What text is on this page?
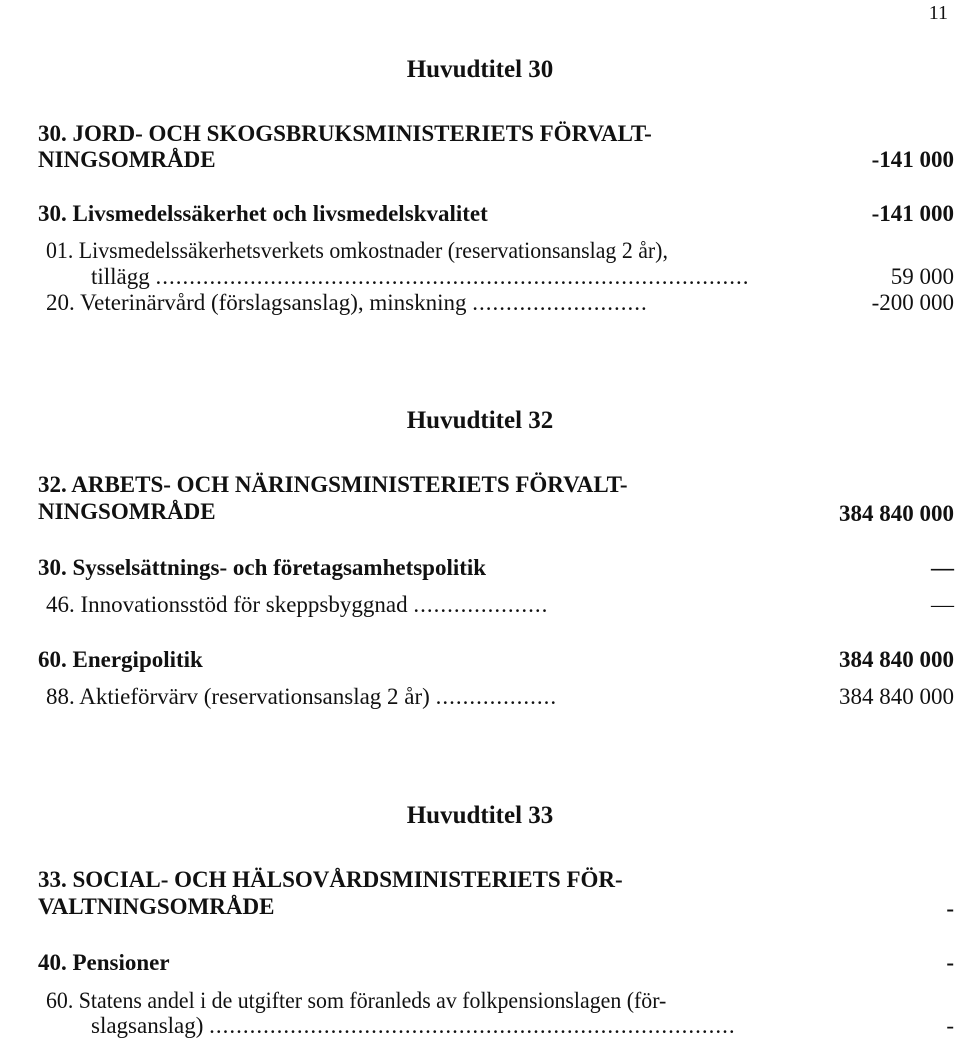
11
Huvudtitel 30
30. JORD- OCH SKOGSBRUKSMINISTERIETS FÖRVALT-
NINGSOMRÅDE	-141 000
30. Livsmedelssäkerhet och livsmedelskvalitet	-141 000
01. Livsmedelssäkerhetsverkets omkostnader (reservationsanslag 2 år),
tillägg ........................................................................................	59 000
20. Veterinärvård (förslagsanslag), minskning ..........................	-200 000
Huvudtitel 32
32. ARBETS- OCH NÄRINGSMINISTERIETS FÖRVALT-
NINGSOMRÅDE	384 840 000
30. Sysselsättnings- och företagsamhetspolitik	—
46. Innovationsstöd för skeppsbyggnad ....................	—
60. Energipolitik	384 840 000
88. Aktieförvärv (reservationsanslag 2 år) ..................	384 840 000
Huvudtitel 33
33. SOCIAL- OCH HÄLSOVÅRDSMINISTERIETS FÖR-
VALTNINGSOMRÅDE	-
40. Pensioner	-
60. Statens andel i de utgifter som föranleds av folkpensionslagen (för-
slagsanslag) ..............................................................................	-
